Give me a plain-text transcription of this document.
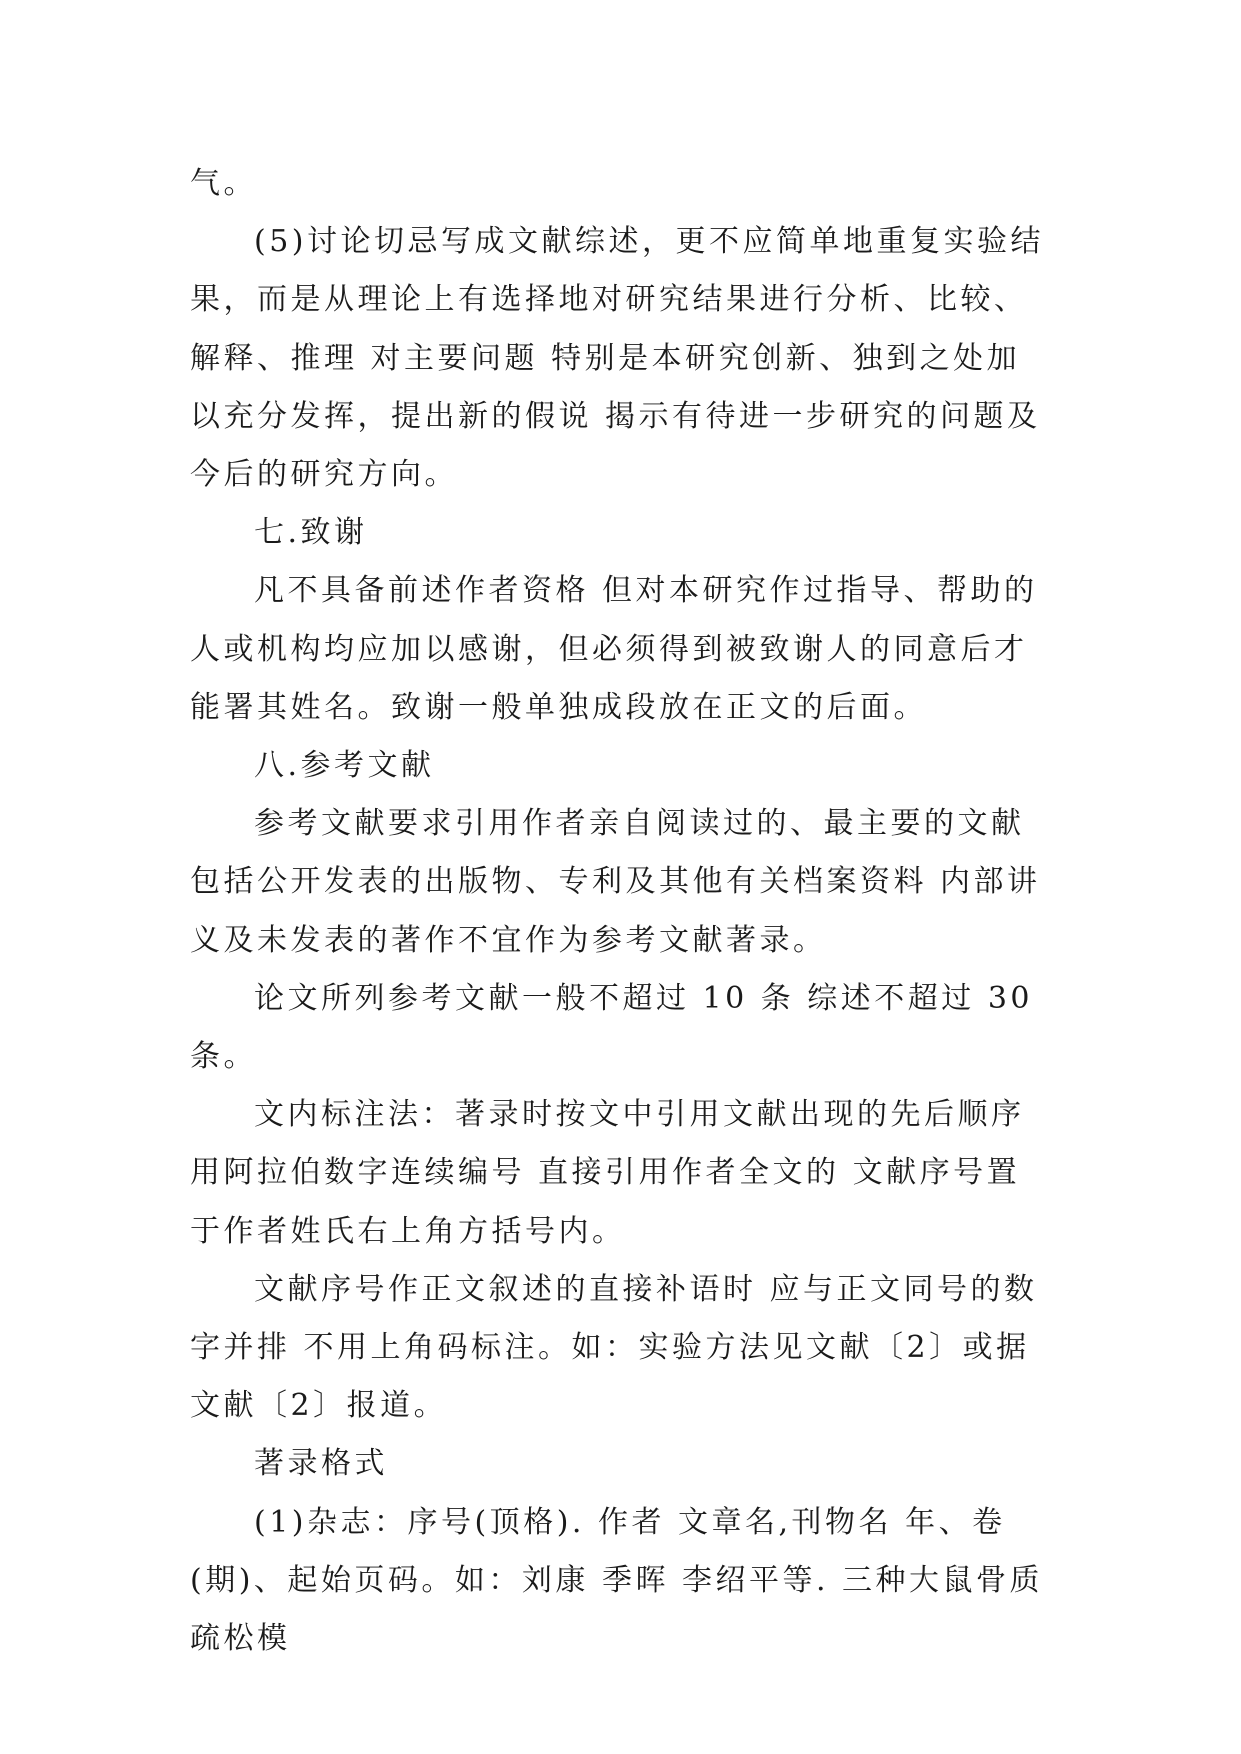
气。

(5)讨论切忌写成文献综述，更不应简单地重复实验结果，而是从理论上有选择地对研究结果进行分析、比较、解释、推理 对主要问题 特别是本研究创新、独到之处加以充分发挥，提出新的假说 揭示有待进一步研究的问题及今后的研究方向。

七.致谢

凡不具备前述作者资格 但对本研究作过指导、帮助的人或机构均应加以感谢，但必须得到被致谢人的同意后才能署其姓名。致谢一般单独成段放在正文的后面。

八.参考文献

参考文献要求引用作者亲自阅读过的、最主要的文献 包括公开发表的出版物、专利及其他有关档案资料 内部讲义及未发表的著作不宜作为参考文献著录。

论文所列参考文献一般不超过 10 条 综述不超过 30 条。

文内标注法：著录时按文中引用文献出现的先后顺序用阿拉伯数字连续编号 直接引用作者全文的 文献序号置于作者姓氏右上角方括号内。

文献序号作正文叙述的直接补语时 应与正文同号的数字并排 不用上角码标注。如：实验方法见文献〔2〕或据文献〔2〕报道。

著录格式

(1)杂志：序号(顶格). 作者 文章名,刊物名 年、卷(期)、起始页码。如：刘康 季晖 李绍平等. 三种大鼠骨质疏松模
